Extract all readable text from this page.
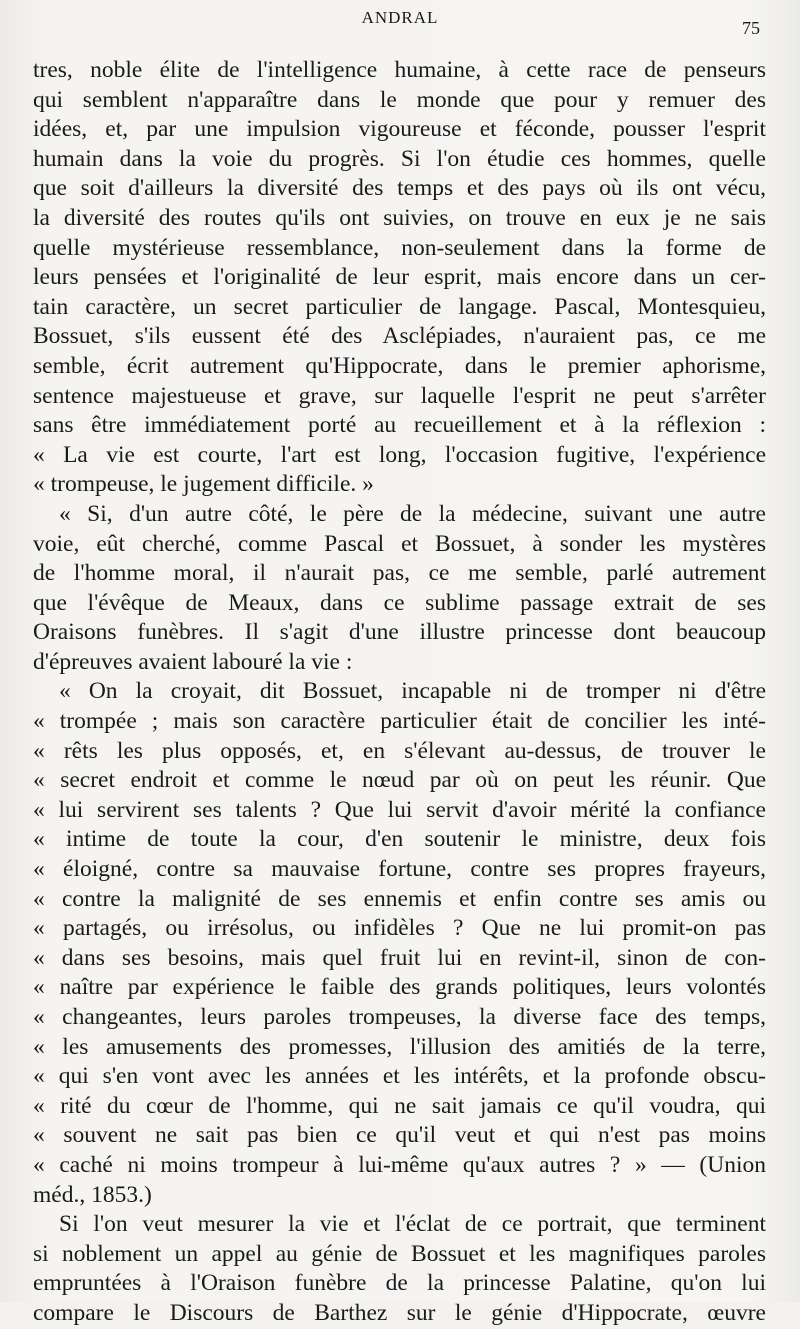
ANDRAL
75
tres, noble élite de l'intelligence humaine, à cette race de penseurs
qui semblent n'apparaître dans le monde que pour y remuer des
idées, et, par une impulsion vigoureuse et féconde, pousser l'esprit
humain dans la voie du progrès. Si l'on étudie ces hommes, quelle
que soit d'ailleurs la diversité des temps et des pays où ils ont vécu,
la diversité des routes qu'ils ont suivies, on trouve en eux je ne sais
quelle mystérieuse ressemblance, non-seulement dans la forme de
leurs pensées et l'originalité de leur esprit, mais encore dans un cer-
tain caractère, un secret particulier de langage. Pascal, Montesquieu,
Bossuet, s'ils eussent été des Asclépiades, n'auraient pas, ce me
semble, écrit autrement qu'Hippocrate, dans le premier aphorisme,
sentence majestueuse et grave, sur laquelle l'esprit ne peut s'arrêter
sans être immédiatement porté au recueillement et à la réflexion :
« La vie est courte, l'art est long, l'occasion fugitive, l'expérience
« trompeuse, le jugement difficile. »
« Si, d'un autre côté, le père de la médecine, suivant une autre
voie, eût cherché, comme Pascal et Bossuet, à sonder les mystères
de l'homme moral, il n'aurait pas, ce me semble, parlé autrement
que l'évêque de Meaux, dans ce sublime passage extrait de ses
Oraisons funèbres. Il s'agit d'une illustre princesse dont beaucoup
d'épreuves avaient labouré la vie :
« On la croyait, dit Bossuet, incapable ni de tromper ni d'être
« trompée ; mais son caractère particulier était de concilier les inté-
« rêts les plus opposés, et, en s'élevant au-dessus, de trouver le
« secret endroit et comme le nœud par où on peut les réunir. Que
« lui servirent ses talents ? Que lui servit d'avoir mérité la confiance
« intime de toute la cour, d'en soutenir le ministre, deux fois
« éloigné, contre sa mauvaise fortune, contre ses propres frayeurs,
« contre la malignité de ses ennemis et enfin contre ses amis ou
« partagés, ou irrésolus, ou infidèles ? Que ne lui promit-on pas
« dans ses besoins, mais quel fruit lui en revint-il, sinon de con-
« naître par expérience le faible des grands politiques, leurs volontés
« changeantes, leurs paroles trompeuses, la diverse face des temps,
« les amusements des promesses, l'illusion des amitiés de la terre,
« qui s'en vont avec les années et les intérêts, et la profonde obscu-
« rité du cœur de l'homme, qui ne sait jamais ce qu'il voudra, qui
« souvent ne sait pas bien ce qu'il veut et qui n'est pas moins
« caché ni moins trompeur à lui-même qu'aux autres ? » — (Union
méd., 1853.)
Si l'on veut mesurer la vie et l'éclat de ce portrait, que terminent
si noblement un appel au génie de Bossuet et les magnifiques paroles
empruntées à l'Oraison funèbre de la princesse Palatine, qu'on lui
compare le Discours de Barthez sur le génie d'Hippocrate, œuvre
